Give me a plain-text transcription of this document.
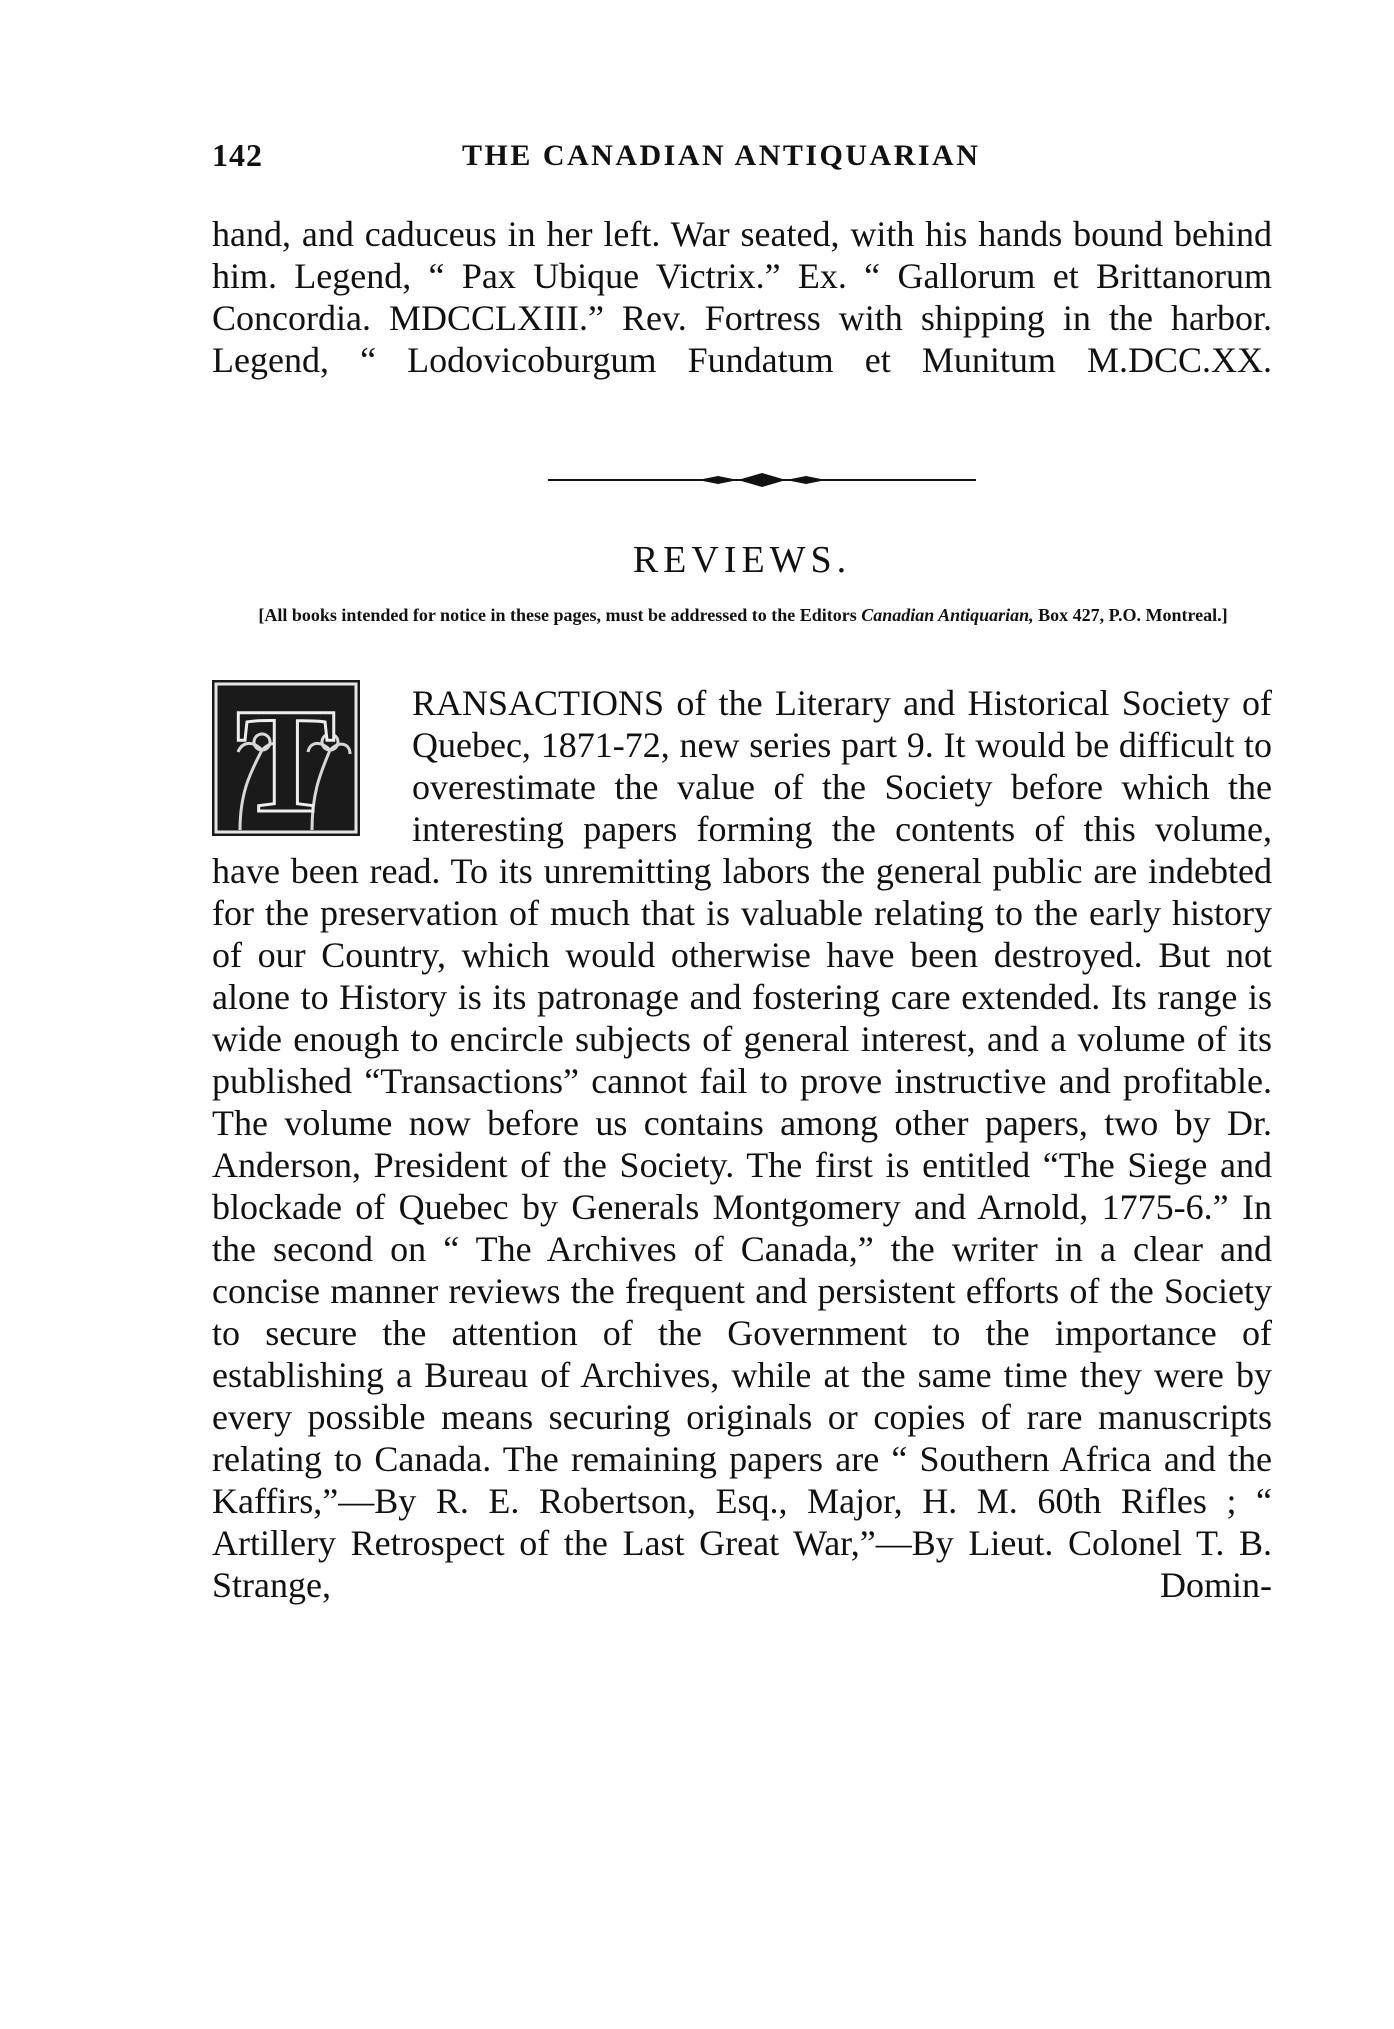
142	THE CANADIAN ANTIQUARIAN

hand, and caduceus in her left. War seated, with his hands bound behind him. Legend, “ Pax Ubique Victrix.” Ex. “ Gallorum et Brittanorum Concordia. MDCCLXIII.” Rev. Fortress with shipping in the harbor. Legend, “ Lodovicoburgum Fundatum et Munitum M.DCC.XX.

REVIEWS.

[All books intended for notice in these pages, must be addressed to the Editors Canadian Antiquarian, Box 427, P.O. Montreal.]

T	RANSACTIONS of the Literary and Historical Society of Quebec, 1871-72, new series part 9. It would be difficult to overestimate the value of the Society before which the interesting papers forming the contents of this volume, have been read. To its unremitting labors the general public are indebted for the preservation of much that is valuable relating to the early history of our Country, which would otherwise have been destroyed. But not alone to History is its patronage and fostering care extended. Its range is wide enough to encircle subjects of general interest, and a volume of its published “Transactions” cannot fail to prove instructive and profitable. The volume now before us contains among other papers, two by Dr. Anderson, President of the Society. The first is entitled “The Siege and blockade of Quebec by Generals Montgomery and Arnold, 1775-6.” In the second on “ The Archives of Canada,” the writer in a clear and concise manner reviews the frequent and persistent efforts of the Society to secure the attention of the Government to the importance of establishing a Bureau of Archives, while at the same time they were by every possible means securing originals or copies of rare manuscripts relating to Canada. The remaining papers are “ Southern Africa and the Kaffirs,”—By R. E. Robertson, Esq., Major, H. M. 60th Rifles ; “ Artillery Retrospect of the Last Great War,”—By Lieut. Colonel T. B. Strange, Domin-
